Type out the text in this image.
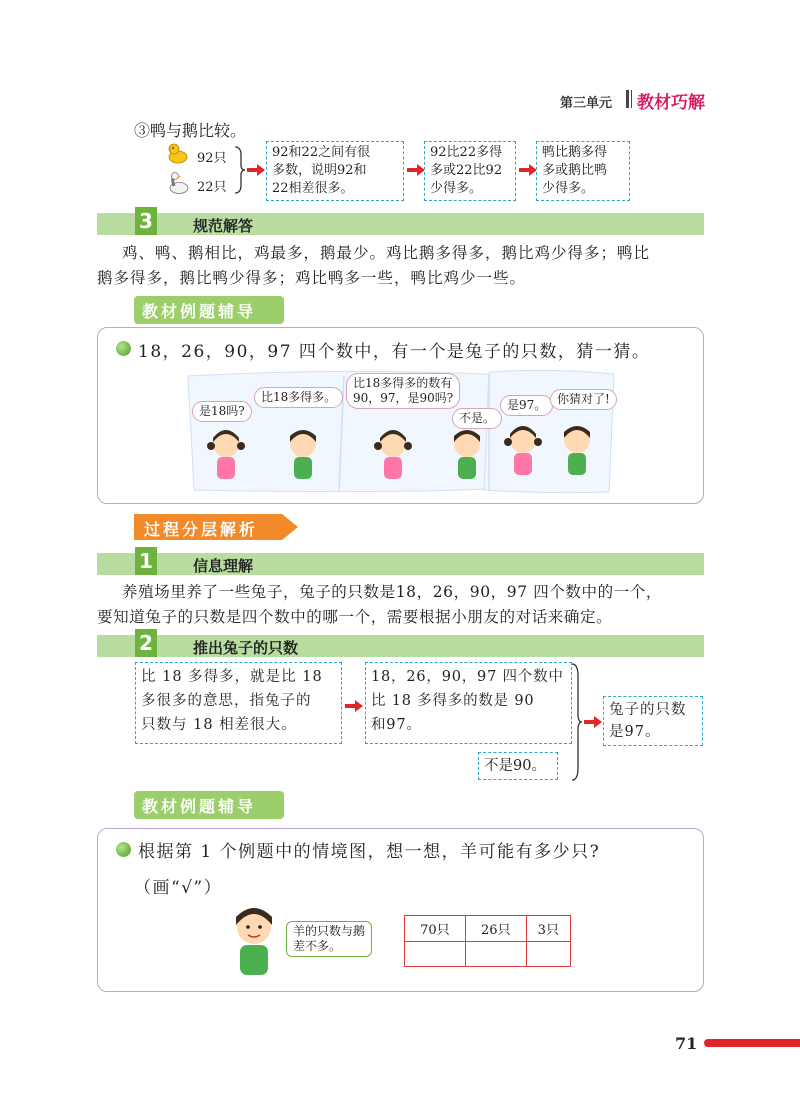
第三单元 教材巧解
③鸭与鹅比较。
92只
22只
92和22之间有很
多数，说明92和
22相差很多。
92比22多得
多或22比92
少得多。
鸭比鹅多得
多或鹅比鸭
少得多。
3	规范解答
鸡、鸭、鹅相比，鸡最多，鹅最少。鸡比鹅多得多，鹅比鸡少得多；鸭比
鹅多得多，鹅比鸭少得多；鸡比鸭多一些，鸭比鸡少一些。
教材例题辅导
18，26，90，97 四个数中，有一个是兔子的只数，猜一猜。
是18吗?
比18多得多。
比18多得多的数有
90，97，是90吗?
不是。
是97。 你猜对了!
过程分层解析
1	信息理解
养殖场里养了一些兔子，兔子的只数是18，26，90，97 四个数中的一个，
要知道兔子的只数是四个数中的哪一个，需要根据小朋友的对话来确定。
2	推出兔子的只数
比 18 多得多，就是比 18
多很多的意思，指兔子的
只数与 18 相差很大。
18，26，90，97 四个数中
比 18 多得多的数是 90
和97。
不是90。
兔子的只数
是97。
教材例题辅导
根据第 1 个例题中的情境图，想一想，羊可能有多少只?
（画“√”）
羊的只数与鹅
差不多。
70只	26只	3只

71
